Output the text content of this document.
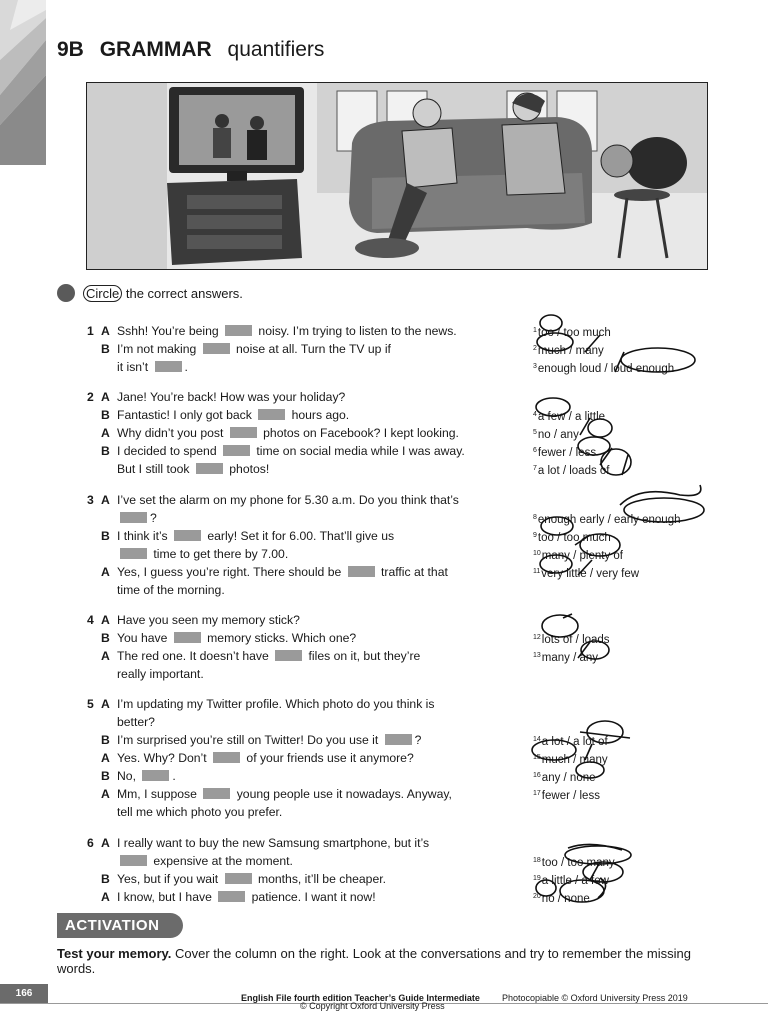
9B GRAMMAR quantifiers
Circle the correct answers.
1 A Sshh! You’re being	noisy. I’m trying to listen to the news.
B I’m not making	noise at all. Turn the TV up if
it isn’t	.
2 A Jane! You’re back! How was your holiday?
B Fantastic! I only got back	hours ago.
A Why didn’t you post	photos on Facebook? I kept looking.
B I decided to spend	time on social media while I was away.
But I still took	photos!
3 A I’ve set the alarm on my phone for 5.30 a.m. Do you think that’s
?
B I think it’s	early! Set it for 6.00. That’ll give us
time to get there by 7.00.
A Yes, I guess you’re right. There should be	traffic at that
time of the morning.
4 A Have you seen my memory stick?
B You have	memory sticks. Which one?
A The red one. It doesn’t have	files on it, but they’re
really important.
5 A I’m updating my Twitter profile. Which photo do you think is
better?
B I’m surprised you’re still on Twitter! Do you use it	?
A Yes. Why? Don’t	of your friends use it anymore?
B No,	.
A Mm, I suppose	young people use it nowadays. Anyway,
tell me which photo you prefer.
6 A I really want to buy the new Samsung smartphone, but it’s
expensive at the moment.
B Yes, but if you wait	months, it’ll be cheaper.
A I know, but I have	patience. I want it now!
$^1$too / too much
$^2$much / many
$^3$enough loud / loud enough
$^4$a few / a little
$^5$no / any
$^6$fewer / less
$^7$a lot / loads of
$^8$enough early / early enough
$^9$too / too much
$^{10}$many / plenty of
$^{11}$very little / very few
$^{12}$lots of / loads
$^{13}$many / any
$^{14}$a lot / a lot of
$^{15}$much / many
$^{16}$any / none
$^{17}$fewer / less
$^{18}$too / too many
$^{19}$a little / a few
$^{20}$no / none
ACTIVATION
Test your memory. Cover the column on the right. Look at the conversations and try to remember the missing words.
166	English File fourth edition Teacher’s Guide Intermediate Photocopiable © Oxford University Press 2019
© Copyright Oxford University Press
